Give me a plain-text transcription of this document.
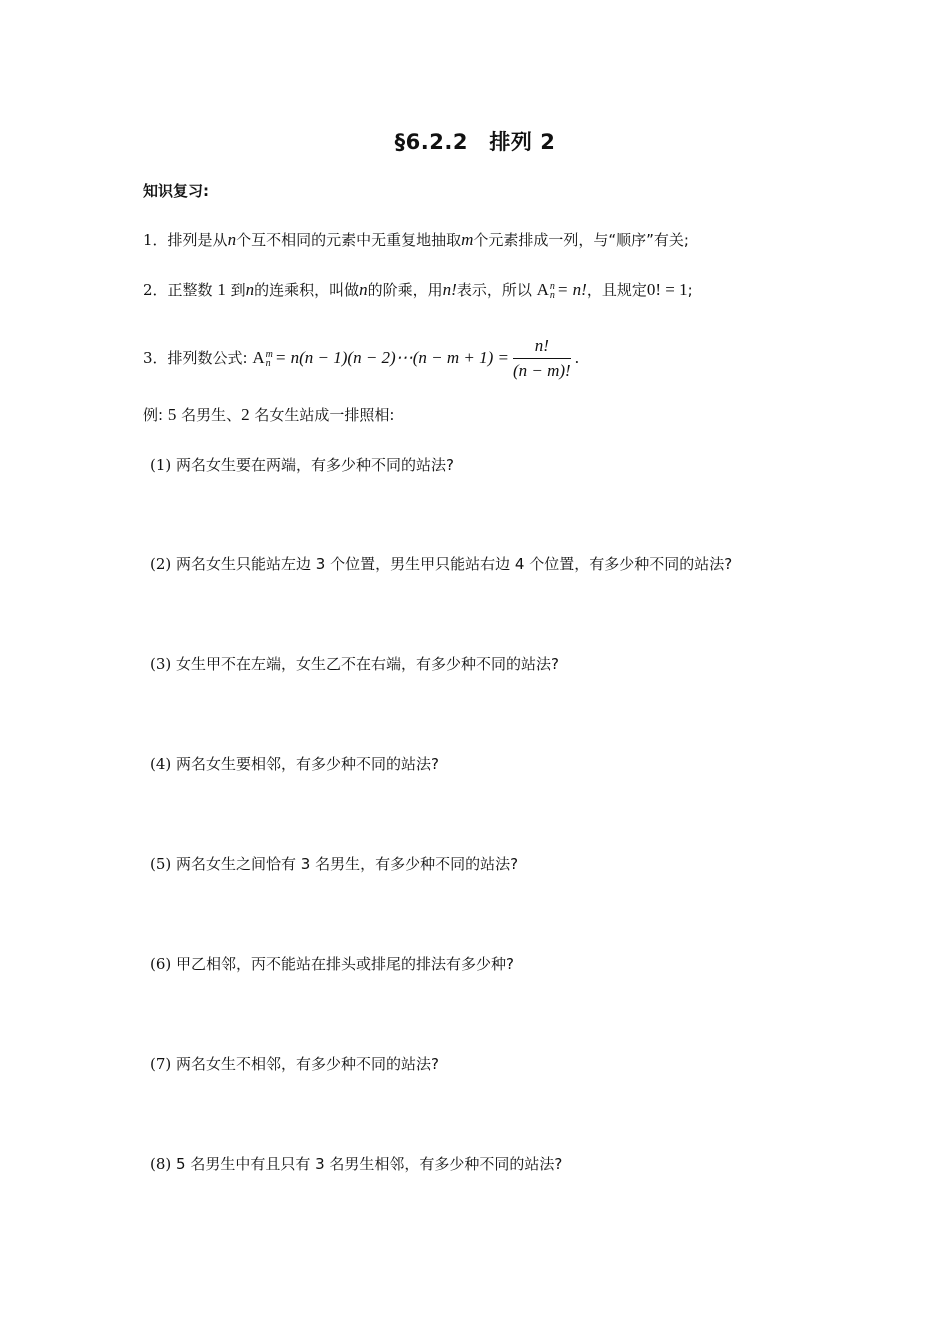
§6.2.2　排列 2
知识复习:
1．排列是从n个互不相同的元素中无重复地抽取m个元素排成一列，与“顺序”有关;
2．正整数 1 到n的连乘积，叫做n的阶乘，用n!表示，所以 A n
n = n!，且规定0! = 1;
3．排列数公式: A m
n = n(n − 1)(n − 2)⋯(n − $m + 1) = \frac{n!}{(n - m)!}$ .
例: 5 名男生、2 名女生站成一排照相:
(1) 两名女生要在两端，有多少种不同的站法?
(2) 两名女生只能站左边 3 个位置，男生甲只能站右边 4 个位置，有多少种不同的站法?
(3) 女生甲不在左端，女生乙不在右端，有多少种不同的站法?
(4) 两名女生要相邻，有多少种不同的站法?
(5) 两名女生之间恰有 3 名男生，有多少种不同的站法?
(6) 甲乙相邻，丙不能站在排头或排尾的排法有多少种?
(7) 两名女生不相邻，有多少种不同的站法?
(8) 5 名男生中有且只有 3 名男生相邻，有多少种不同的站法?
